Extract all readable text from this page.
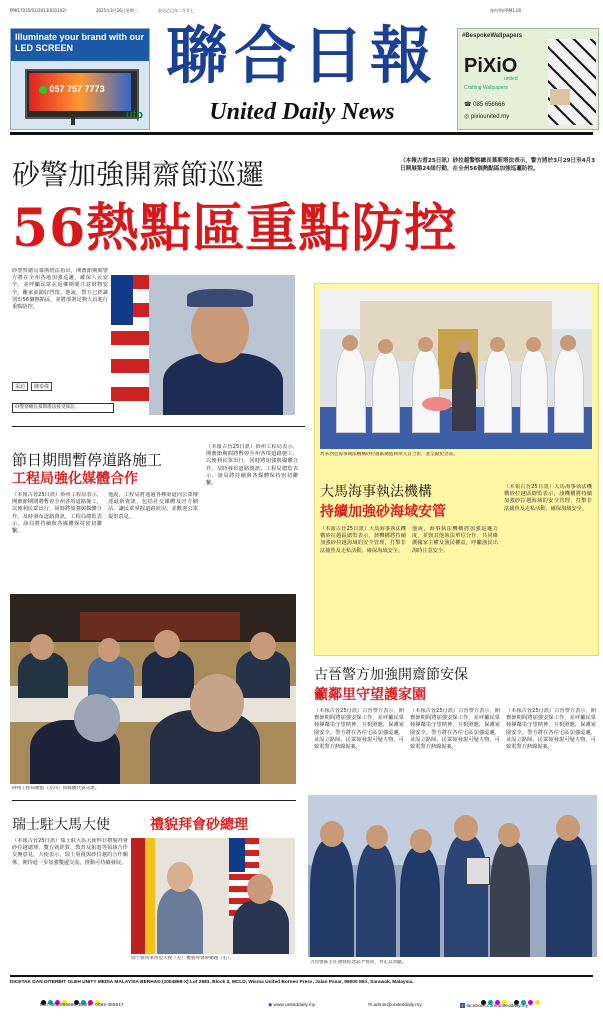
PPK17035/02/2013(031102)	2025年3月26日星期三	农历乙巳年二月廿七	每份售价RM1.00
Illuminate your brand with our LED SCREEN
057 757 7773
utp
聯合日報
United Daily News
#BespokeWallpapers
PiXiO
united
Crafting Wallpapers
☎ 085 656666
◎ pixiounited.my
砂警加強開齋節巡邏	（本報古晉25日訊）砂拉越警察總長慕斯塔法表示，警方將於3月29日至4月3日開展第24屆行動，在全州56個熱點區加強巡邏防控。
56熱點區重點防控
砂警察總長慕斯塔法指出，開齋節期間警方將在全州各地加強巡邏，確保人民安全，並呼籲民眾在返鄉期間注意財物安全，離家前鎖好門窗。他說，警方已經識別出56個熱點區，並將部署足夠人員進行重點防控。
采訪 陳泰偉
砂警察總長慕斯塔法接受採訪。
節日期間暫停道路施工
工程局強化媒體合作
（本報古晉25日訊）砂州工程局表示，開齋節期間將暫停全州各項道路施工，以便利民眾出行，同時將加強與媒體合作，及時發布道路資訊。工程局總監表示，該局將持續與各媒體保持密切聯繫。
他說，工程局將通過各種渠道向公眾傳達最新資訊，包括社交媒體及官方網站，讓民眾掌握道路狀況，並歡迎公眾提供意見。
（本報古晉25日訊）砂州工程局表示，開齋節期間將暫停全州各項道路施工，以便利民眾出行，同時將加強與媒體合作，及時發布道路資訊。工程局總監表示，該局將持續與各媒體保持密切聯繫。
砂州工程局總監（左四）與媒體代表交流。
馬來西亞海事執法機構砂拉越區總監與州元首合影，並呈獻紀念品。
大馬海事執法機構
持續加強砂海域安管
（本報古晉25日訊）大馬海事執法機構砂拉越區總監表示，該機構將持續加強砂拉越海域的安全管理，打擊非法捕魚及走私活動，確保海域安全。
他說，海事執法機構將加強巡邏力度，並與其他執法單位合作，共同維護國家主權及漁民權益，呼籲漁民出海時注意安全。
（本報古晉25日訊）大馬海事執法機構砂拉越區總監表示，該機構將持續加強砂拉越海域的安全管理，打擊非法捕魚及走私活動，確保海域安全。
古晉警方加強開齋節安保
籲鄰里守望護家園
（本報古晉25日訊）古晉警方表示，開齋節期間將加強安保工作，並呼籲民眾發揮鄰里守望精神，互相照應，保護家園安全。警方將在各住宅區加強巡邏，並設立路障。民眾如發現可疑人物，可致電警方熱線報案。
（本報古晉25日訊）古晉警方表示，開齋節期間將加強安保工作，並呼籲民眾發揮鄰里守望精神，互相照應，保護家園安全。警方將在各住宅區加強巡邏，並設立路障。民眾如發現可疑人物，可致電警方熱線報案。
（本報古晉25日訊）古晉警方表示，開齋節期間將加強安保工作，並呼籲民眾發揮鄰里守望精神，互相照應，保護家園安全。警方將在各住宅區加強巡邏，並設立路障。民眾如發現可疑人物，可致電警方熱線報案。
古晉警區主任頒發紀念品予警員，肯定其貢獻。
瑞士駐大馬大使	禮貌拜會砂總理
（本報古晉25日訊）瑞士駐大馬大使昨日禮貌拜會砂拉越總理，雙方就經貿、教育及旅遊等領域合作交換意見。大使表示，瑞士重視與砂拉越的合作關係，期待進一步加強雙邊交流，推動可持續發展。
瑞士駐馬來西亞大使（左）禮貌拜會砂總理（右）。
DICETAK DAN DITERBIT OLEH UNITY MEDIA MALAYSIA BERHAD (1004898-X) Lot 2683, Block 3, MCLD, Wisma United Borneo Press, Jalan Pasar, 98000 Miri, Sarawak, Malaysia.

Miri: 085-656666, Brunei: 0092-455917	◉ www.uniteddaily.my	✉ admin@uniteddaily.my	f facebook.com/uniteddaily.my
